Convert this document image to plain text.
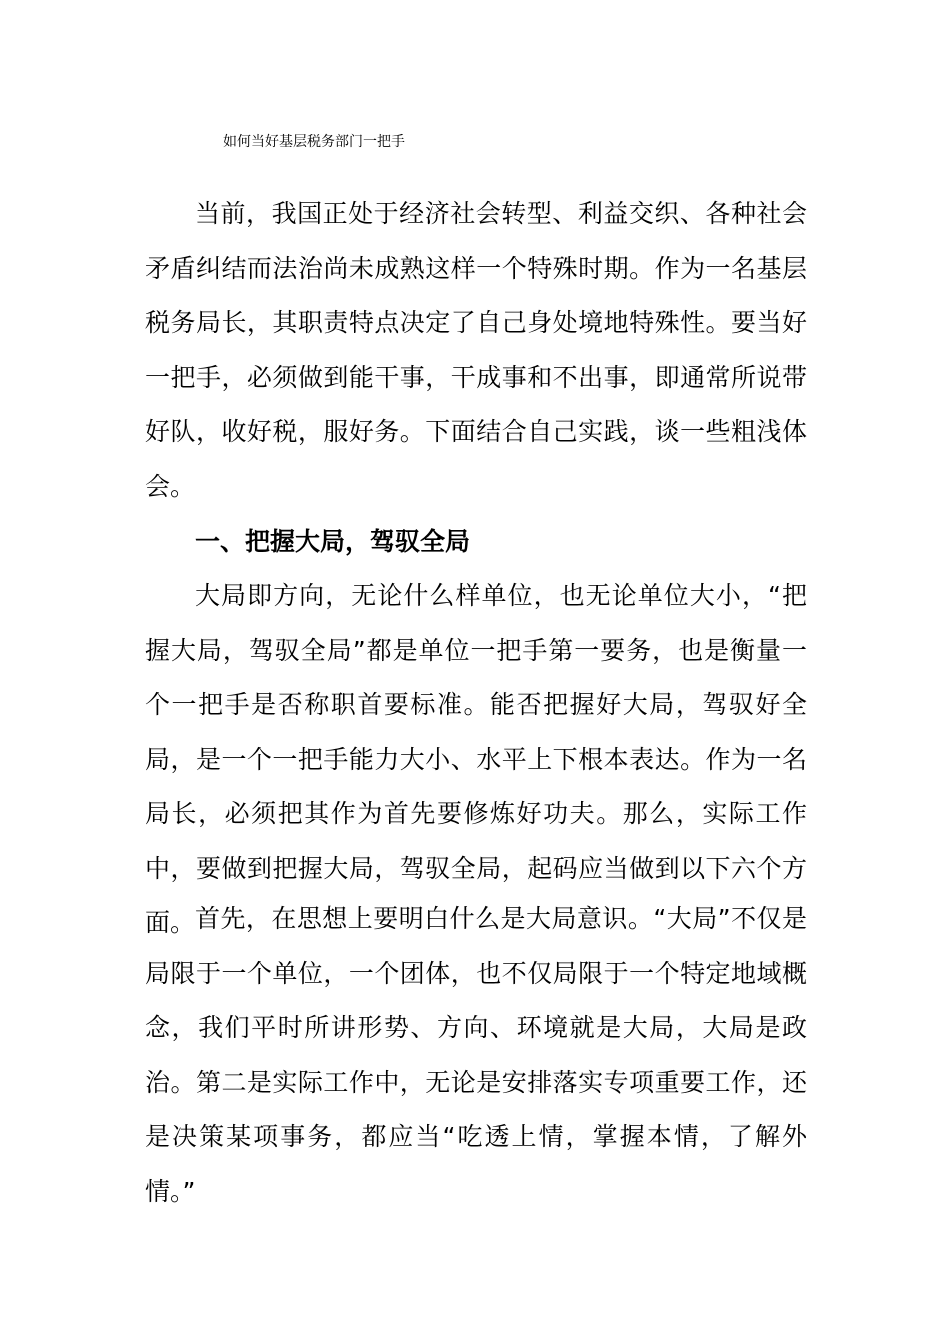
如何当好基层税务部门一把手

当前，我国正处于经济社会转型、利益交织、各种社会矛盾纠结而法治尚未成熟这样一个特殊时期。作为一名基层税务局长，其职责特点决定了自己身处境地特殊性。要当好一把手，必须做到能干事，干成事和不出事，即通常所说带好队，收好税，服好务。下面结合自己实践，谈一些粗浅体会。

一、把握大局，驾驭全局

大局即方向，无论什么样单位，也无论单位大小，“把握大局，驾驭全局”都是单位一把手第一要务，也是衡量一个一把手是否称职首要标准。能否把握好大局，驾驭好全局，是一个一把手能力大小、水平上下根本表达。作为一名局长，必须把其作为首先要修炼好功夫。那么，实际工作中，要做到把握大局，驾驭全局，起码应当做到以下六个方面。 首先，在思想上要明白什么是大局意识。“大局”不仅是局限于一个单位，一个团体，也不仅局限于一个特定地域概念，我们平时所讲形势、方向、环境就是大局，大局是政治。第二是实际工作中，无论是安排落实专项重要工作，还是决策某项事务，都应当“吃透上情，掌握本情，了解外情。”
